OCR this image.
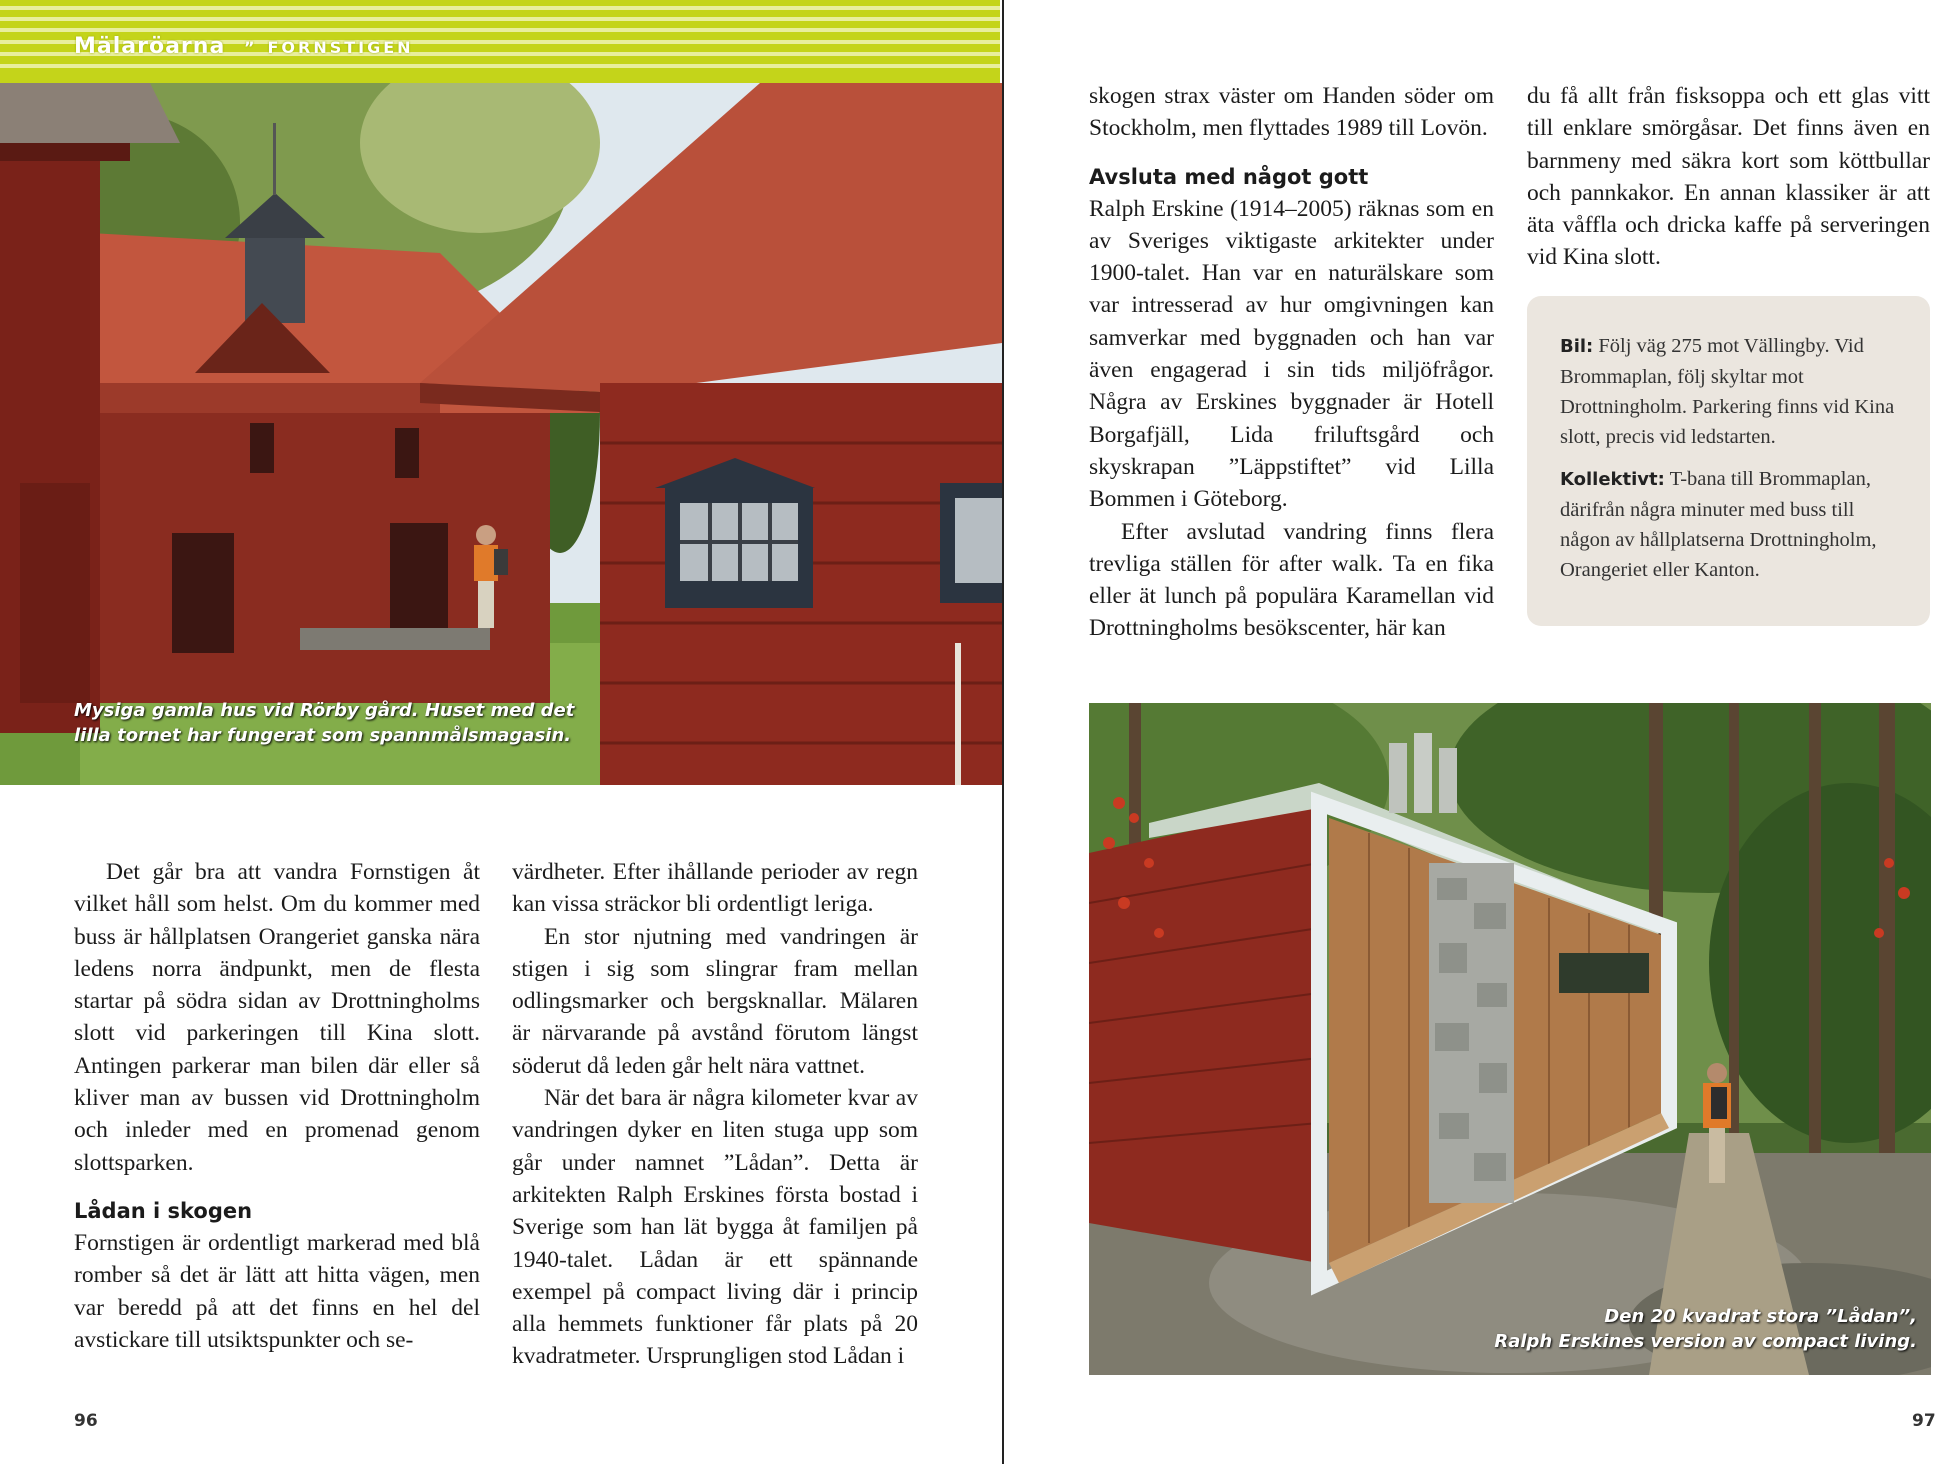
Mälaröarna ” FORNSTIGEN
Mysiga gamla hus vid Rörby gård. Huset med det
lilla tornet har fungerat som spannmålsmagasin.

Det går bra att vandra Fornstigen åt vilket håll som helst. Om du kommer med buss är hållplatsen Orangeriet ganska nära ledens norra ändpunkt, men de flesta startar på södra sidan av Drottningholms slott vid parkeringen till Kina slott. Antingen parkerar man bilen där eller så kliver man av bussen vid Drottningholm och inleder med en promenad genom slottsparken.

Lådan i skogen

Fornstigen är ordentligt markerad med blå romber så det är lätt att hitta vägen, men var beredd på att det finns en hel del avstickare till utsiktspunkter och se-

värdheter. Efter ihållande perioder av regn kan vissa sträckor bli ordentligt leriga.

En stor njutning med vandringen är stigen i sig som slingrar fram mellan odlingsmarker och bergsknallar. Mälaren är närvarande på avstånd förutom längst söderut då leden går helt nära vattnet.

När det bara är några kilometer kvar av vandringen dyker en liten stuga upp som går under namnet ”Lådan”. Detta är arkitekten Ralph Erskines första bostad i Sverige som han lät bygga åt familjen på 1940-talet. Lådan är ett spännande exempel på compact living där i princip alla hemmets funktioner får plats på 20 kvadratmeter. Ursprungligen stod Lådan i

96

skogen strax väster om Handen söder om Stockholm, men flyttades 1989 till Lovön.

Avsluta med något gott

Ralph Erskine (1914–2005) räknas som en av Sveriges viktigaste arkitekter under 1900-talet. Han var en naturälskare som var intresserad av hur omgivningen kan samverkar med byggnaden och han var även engagerad i sin tids miljöfrågor. Några av Erskines byggnader är Hotell Borgafjäll, Lida friluftsgård och skyskrapan ”Läppstiftet” vid Lilla Bommen i Göteborg.

Efter avslutad vandring finns flera trevliga ställen för after walk. Ta en fika eller ät lunch på populära Karamellan vid Drottningholms besökscenter, här kan

du få allt från fisksoppa och ett glas vitt till enklare smörgåsar. Det finns även en barnmeny med säkra kort som köttbullar och pannkakor. En annan klassiker är att äta våffla och dricka kaffe på serveringen vid Kina slott.

Bil: Följ väg 275 mot Vällingby. Vid Brommaplan, följ skyltar mot Drottningholm. Parkering finns vid Kina slott, precis vid ledstarten.

Kollektivt: T-bana till Brommaplan, därifrån några minuter med buss till någon av hållplatserna Drottningholm, Orangeriet eller Kanton.

Den 20 kvadrat stora ”Lådan”,
Ralph Erskines version av compact living.
97
